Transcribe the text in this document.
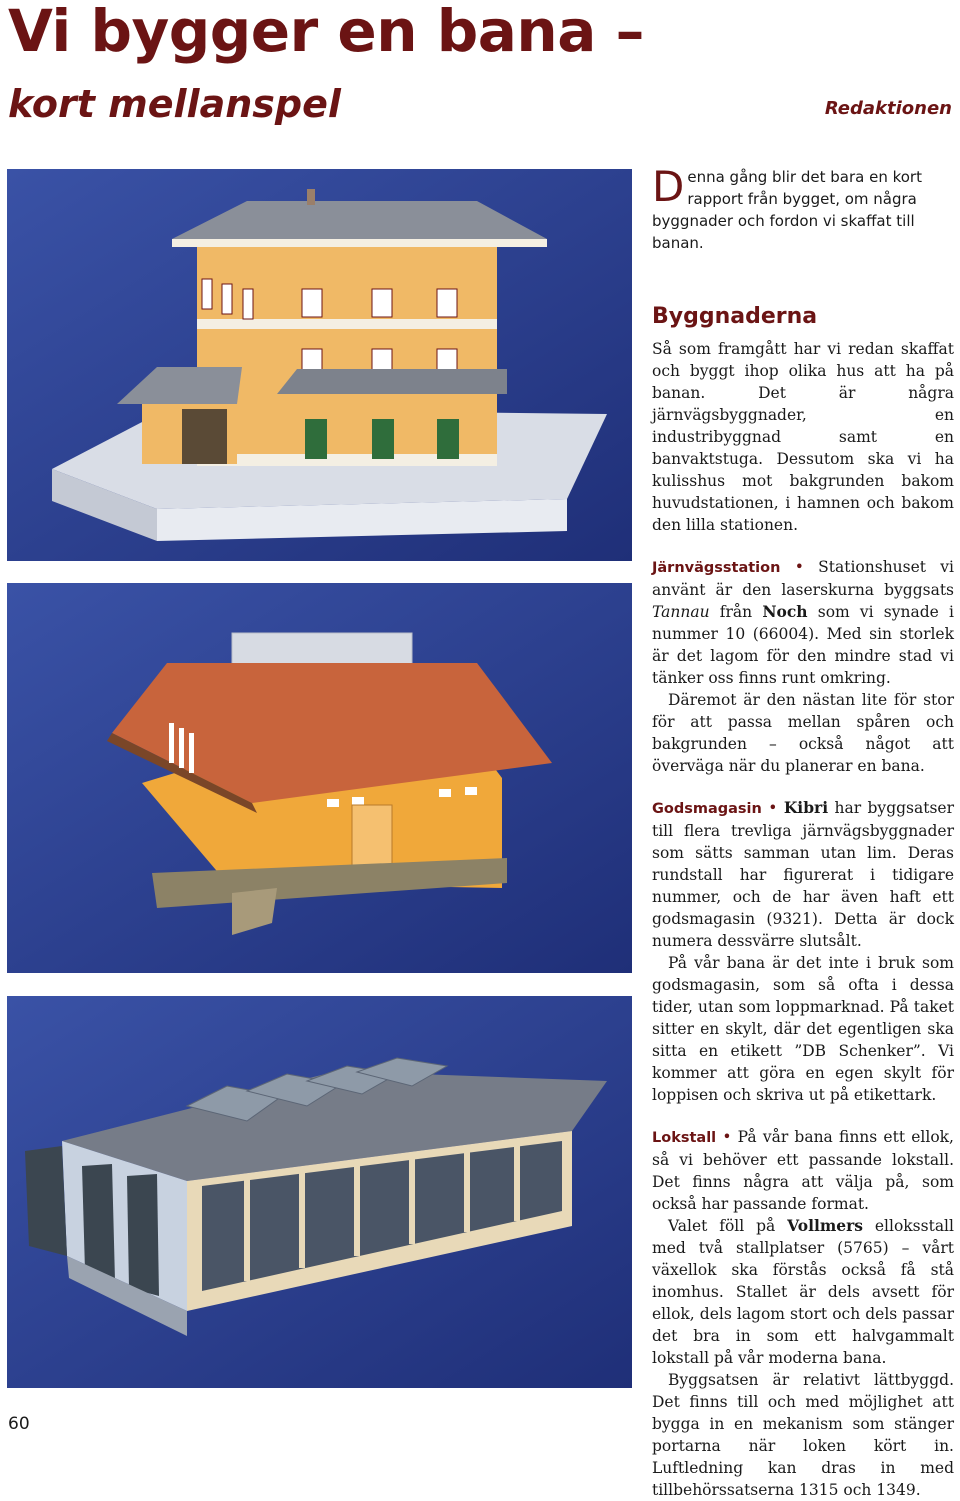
Vi bygger en bana –
kort mellanspel	Redaktionen

Denna gång blir det bara en kort rapport från bygget, om några byggnader och fordon vi skaffat till banan.

Byggnaderna

Så som framgått har vi redan skaffat och byggt ihop olika hus att ha på banan. Det är några järnvägsbyggnader, en industribyggnad samt en banvaktstuga. Dessutom ska vi ha kulisshus mot bakgrunden bakom huvudstationen, i hamnen och bakom den lilla stationen.

Järnvägsstation • Stationshuset vi använt är den laserskurna byggsats Tannau från Noch som vi synade i nummer 10 (66004). Med sin storlek är det lagom för den mindre stad vi tänker oss finns runt omkring.

Däremot är den nästan lite för stor för att passa mellan spåren och bakgrunden – också något att överväga när du planerar en bana.

Godsmagasin • Kibri har byggsatser till flera trevliga järnvägsbyggnader som sätts samman utan lim. Deras rundstall har figurerat i tidigare nummer, och de har även haft ett godsmagasin (9321). Detta är dock numera dessvärre slutsålt.

På vår bana är det inte i bruk som godsmagasin, som så ofta i dessa tider, utan som loppmarknad. På taket sitter en skylt, där det egentligen ska sitta en etikett ”DB Schenker”. Vi kommer att göra en egen skylt för loppisen och skriva ut på etikettark.

Lokstall • På vår bana finns ett ellok, så vi behöver ett passande lokstall. Det finns några att välja på, som också har passande format.

Valet föll på Vollmers elloksstall med två stallplatser (5765) – vårt växellok ska förstås också få stå inomhus. Stallet är dels avsett för ellok, dels lagom stort och dels passar det bra in som ett halvgammalt lokstall på vår moderna bana.

Byggsatsen är relativt lättbyggd. Det finns till och med möjlighet att bygga in en mekanism som stänger portarna när loken kört in. Luftledning kan dras in med tillbehörssatserna 1315 och 1349.

60
